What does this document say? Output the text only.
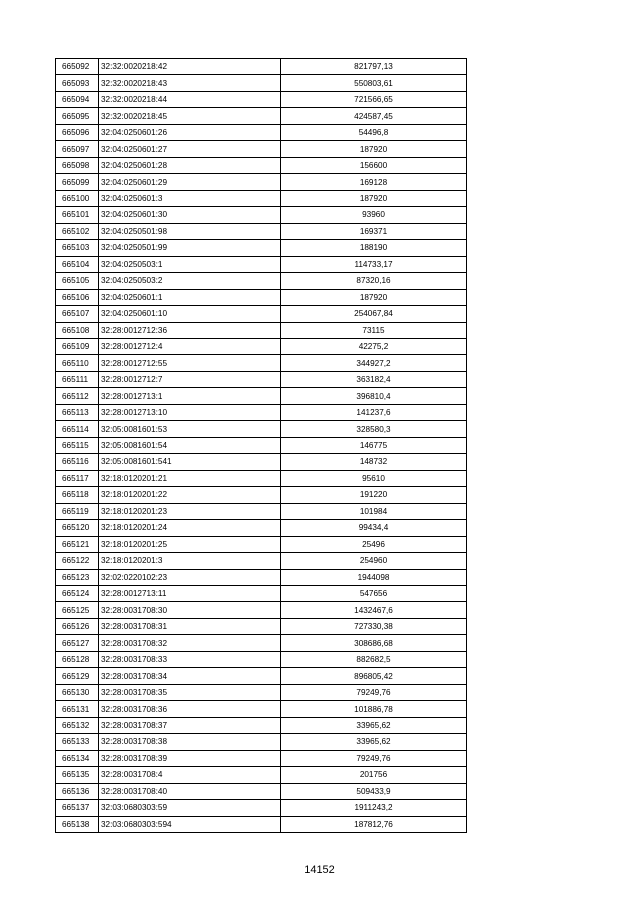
665092	32:32:0020218:42	821797,13
665093	32:32:0020218:43	550803,61
665094	32:32:0020218:44	721566,65
665095	32:32:0020218:45	424587,45
665096	32:04:0250601:26	54496,8
665097	32:04:0250601:27	187920
665098	32:04:0250601:28	156600
665099	32:04:0250601:29	169128
665100	32:04:0250601:3	187920
665101	32:04:0250601:30	93960
665102	32:04:0250501:98	169371
665103	32:04:0250501:99	188190
665104	32:04:0250503:1	114733,17
665105	32:04:0250503:2	87320,16
665106	32:04:0250601:1	187920
665107	32:04:0250601:10	254067,84
665108	32:28:0012712:36	73115
665109	32:28:0012712:4	42275,2
665110	32:28:0012712:55	344927,2
665111	32:28:0012712:7	363182,4
665112	32:28:0012713:1	396810,4
665113	32:28:0012713:10	141237,6
665114	32:05:0081601:53	328580,3
665115	32:05:0081601:54	146775
665116	32:05:0081601:541	148732
665117	32:18:0120201:21	95610
665118	32:18:0120201:22	191220
665119	32:18:0120201:23	101984
665120	32:18:0120201:24	99434,4
665121	32:18:0120201:25	25496
665122	32:18:0120201:3	254960
665123	32:02:0220102:23	1944098
665124	32:28:0012713:11	547656
665125	32:28:0031708:30	1432467,6
665126	32:28:0031708:31	727330,38
665127	32:28:0031708:32	308686,68
665128	32:28:0031708:33	882682,5
665129	32:28:0031708:34	896805,42
665130	32:28:0031708:35	79249,76
665131	32:28:0031708:36	101886,78
665132	32:28:0031708:37	33965,62
665133	32:28:0031708:38	33965,62
665134	32:28:0031708:39	79249,76
665135	32:28:0031708:4	201756
665136	32:28:0031708:40	509433,9
665137	32:03:0680303:59	1911243,2
665138	32:03:0680303:594	187812,76
14152
